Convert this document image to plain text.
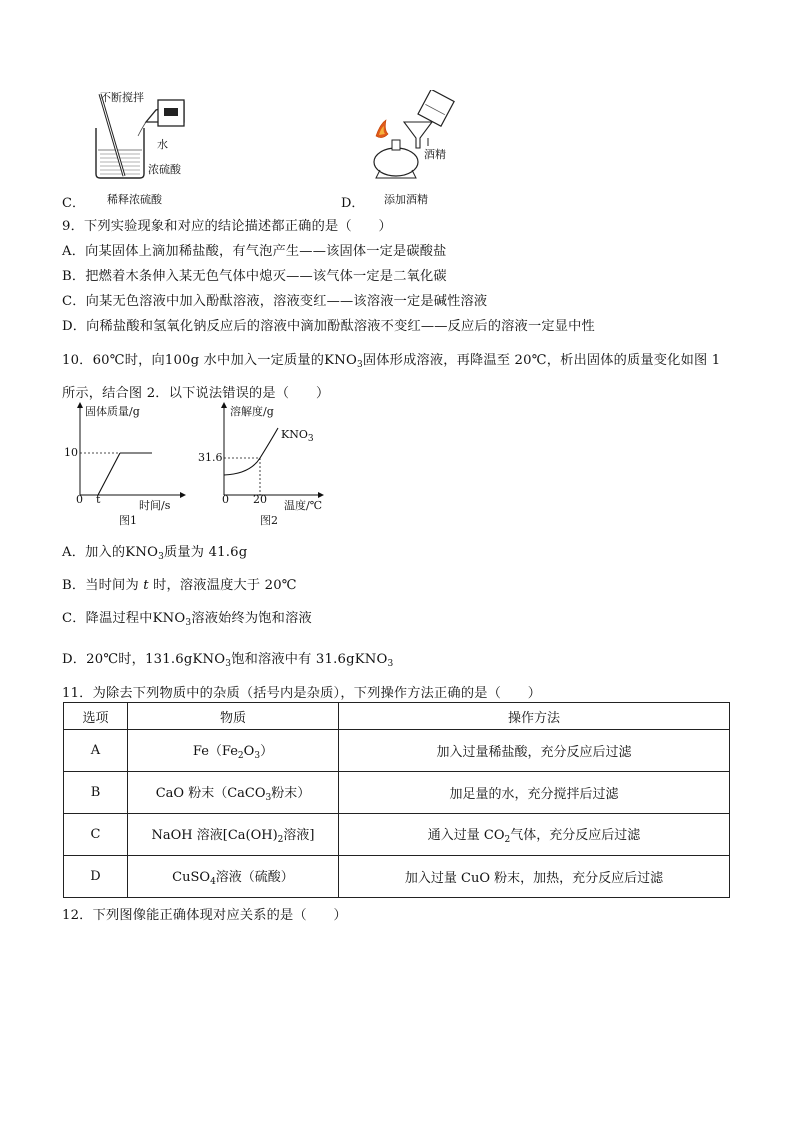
不断搅拌
水
浓硫酸
稀释浓硫酸
C．
酒精
添加酒精
D．
9．下列实验现象和对应的结论描述都正确的是（　　）
A．向某固体上滴加稀盐酸，有气泡产生——该固体一定是碳酸盐
B．把燃着木条伸入某无色气体中熄灭——该气体一定是二氧化碳
C．向某无色溶液中加入酚酞溶液，溶液变红——该溶液一定是碱性溶液
D．向稀盐酸和氢氧化钠反应后的溶液中滴加酚酞溶液不变红——反应后的溶液一定显中性
10．60℃时，向100g 水中加入一定质量的$KNO_3$固体形成溶液，再降温至 20℃，析出固体的质量变化如图 1
所示，结合图 2．以下说法错误的是（　　）
固体质量/g
10
0 t	时间/s
图1
溶解度/g
$KNO_3$
31.6
0 20 温度/℃
图2
A．加入的$KNO_3$质量为 41.6g
B．当时间为 t 时，溶液温度大于 20℃
C．降温过程中$KNO_3$溶液始终为饱和溶液
D．20℃时，131.6gKNO$_3$饱和溶液中有 31.6gKNO$_3$
11．为除去下列物质中的杂质（括号内是杂质），下列操作方法正确的是（　　）
选项	物质	操作方法
A	$Fe(Fe_2O_3)$	加入过量稀盐酸，充分反应后过滤
B	CaO 粉末（CaCO$_3$粉末）	加足量的水，充分搅拌后过滤
C	NaOH 溶液[$Ca(OH)_2$溶液]	通入过量 $CO_2$气体，充分反应后过滤
D	CuSO$_4$溶液（硫酸）	加入过量 CuO 粉末，加热，充分反应后过滤
12．下列图像能正确体现对应关系的是（　　）
